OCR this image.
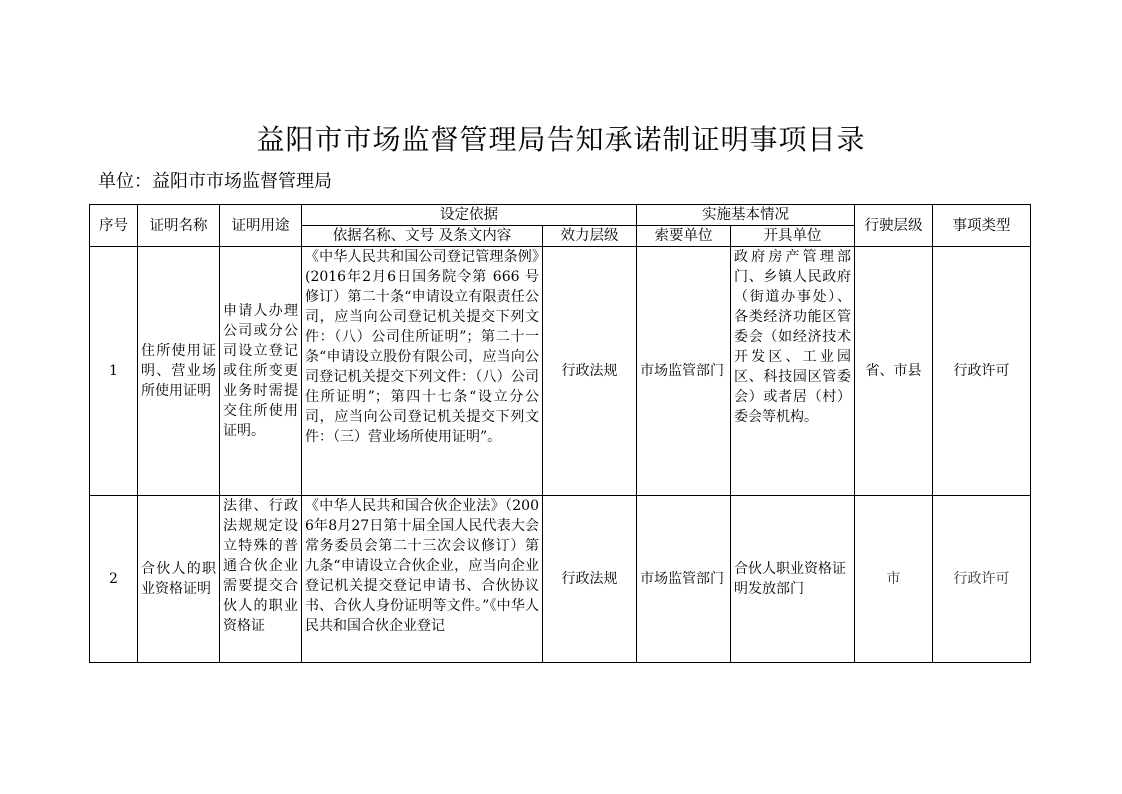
益阳市市场监督管理局告知承诺制证明事项目录
单位：益阳市市场监督管理局
序号	证明名称	证明用途	设定依据		实施基本情况		行驶层级	事项类型
			依据名称、文号 及条文内容	效力层级	索要单位	开具单位		
1	住所使用证明、营业场所使用证明	申请人办理公司或分公司设立登记或住所变更业务时需提交住所使用证明。	《中华人民共和国公司登记管理条例》(2016年2月6日国务院令第 666 号修订）第二十条“申请设立有限责任公司，应当向公司登记机关提交下列文件：（八）公司住所证明”；第二十一条“申请设立股份有限公司，应当向公司登记机关提交下列文件：（八）公司住所证明”；第四十七条“设立分公司，应当向公司登记机关提交下列文件：（三）营业场所使用证明”。	行政法规	市场监管部门	政府房产管理部门、乡镇人民政府（街道办事处）、各类经济功能区管委会（如经济技术开发区、工业园区、科技园区管委会）或者居（村）委会等机构。	省、市县	行政许可
2	合伙人的职业资格证明	法律、行政法规规定设立特殊的普通合伙企业需要提交合伙人的职业资格证	《中华人民共和国合伙企业法》（2006年8月27日第十届全国人民代表大会常务委员会第二十三次会议修订）第九条“申请设立合伙企业，应当向企业登记机关提交登记申请书、合伙协议书、合伙人身份证明等文件。”《中华人民共和国合伙企业登记	行政法规	市场监管部门	合伙人职业资格证明发放部门	市	行政许可
